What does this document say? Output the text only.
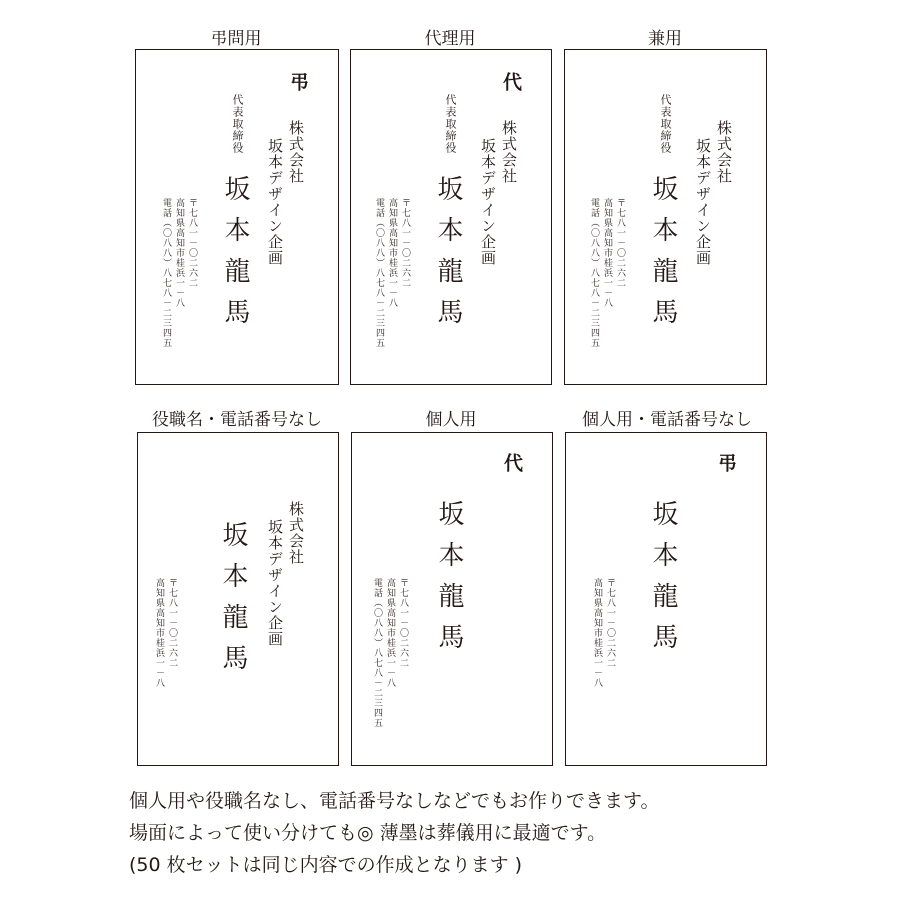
弔問用	代理用	兼用
弔
株式会社
坂本デザイン企画
代表取締役
坂本龍馬
〒七八一－〇二六二
高知県高知市桂浜一－八
電話（〇八八）八七八－二三四五
代
株式会社
坂本デザイン企画
代表取締役
坂本龍馬
〒七八一－〇二六二
高知県高知市桂浜一－八
電話（〇八八）八七八－二三四五
株式会社
坂本デザイン企画
代表取締役
坂本龍馬
〒七八一－〇二六二
高知県高知市桂浜一－八
電話（〇八八）八七八－二三四五
役職名・電話番号なし	個人用	個人用・電話番号なし
株式会社
坂本デザイン企画
坂本龍馬
〒七八一－〇二六二
高知県高知市桂浜一－八
代
坂本龍馬
〒七八一－〇二六二
高知県高知市桂浜一－八
電話（〇八八）八七八－二三四五
弔
坂本龍馬
〒七八一－〇二六二
高知県高知市桂浜一－八
個人用や役職名なし、電話番号なしなどでもお作りできます。
場面によって使い分けても◎ 薄墨は葬儀用に最適です。
(50 枚セットは同じ内容での作成となります )
